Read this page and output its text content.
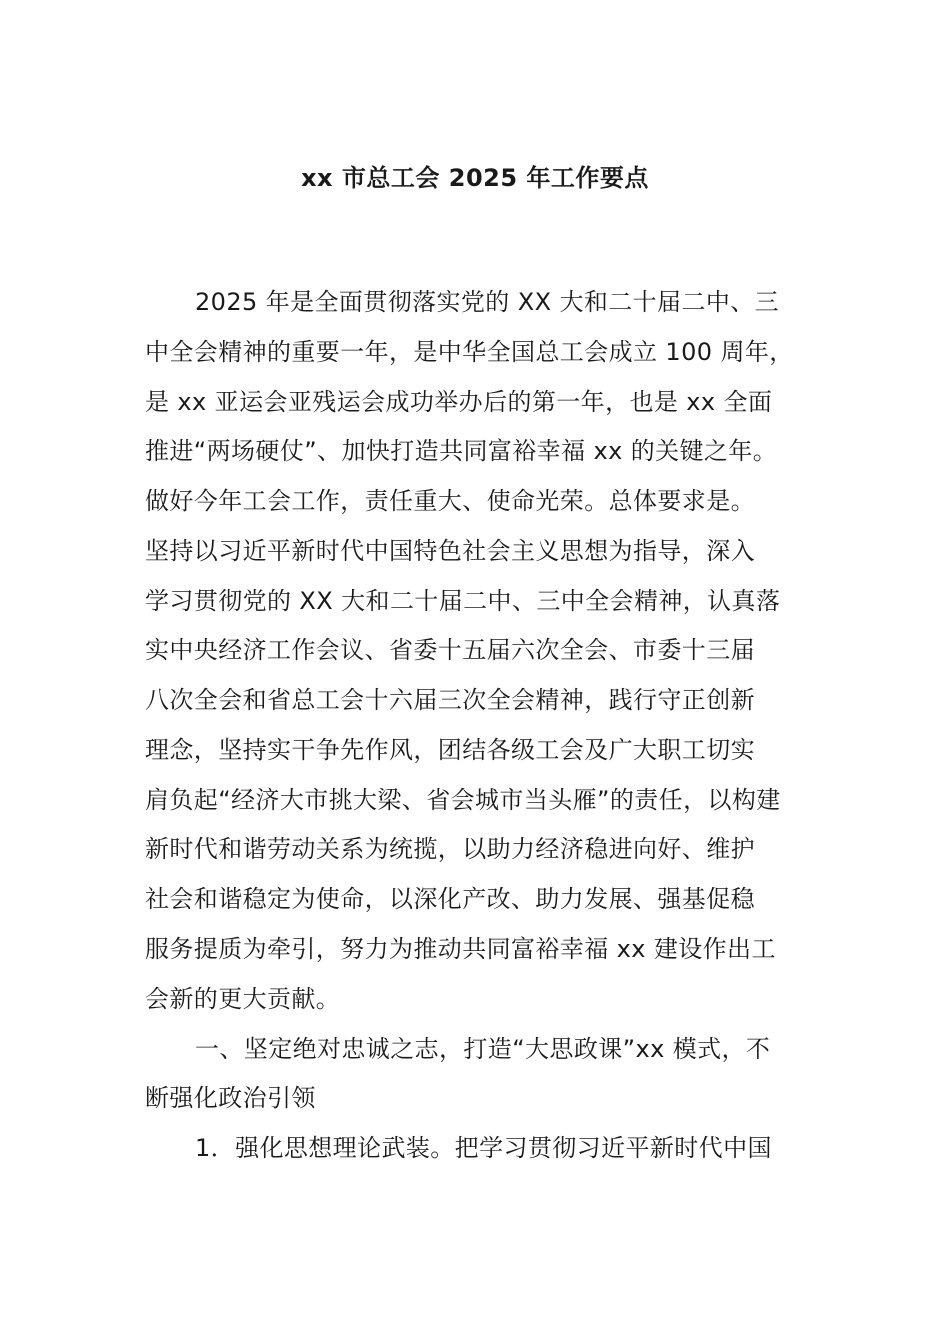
xx 市总工会 2025 年工作要点
2025 年是全面贯彻落实党的 XX 大和二十届二中、三
中全会精神的重要一年，是中华全国总工会成立 100 周年，
是 xx 亚运会亚残运会成功举办后的第一年，也是 xx 全面
推进“两场硬仗”、加快打造共同富裕幸福 xx 的关键之年。
做好今年工会工作，责任重大、使命光荣。总体要求是。
坚持以习近平新时代中国特色社会主义思想为指导，深入
学习贯彻党的 XX 大和二十届二中、三中全会精神，认真落
实中央经济工作会议、省委十五届六次全会、市委十三届
八次全会和省总工会十六届三次全会精神，践行守正创新
理念，坚持实干争先作风，团结各级工会及广大职工切实
肩负起“经济大市挑大梁、省会城市当头雁”的责任，以构建
新时代和谐劳动关系为统揽，以助力经济稳进向好、维护
社会和谐稳定为使命，以深化产改、助力发展、强基促稳
服务提质为牵引，努力为推动共同富裕幸福 xx 建设作出工
会新的更大贡献。
一、坚定绝对忠诚之志，打造“大思政课”xx 模式，不
断强化政治引领
1．强化思想理论武装。把学习贯彻习近平新时代中国
